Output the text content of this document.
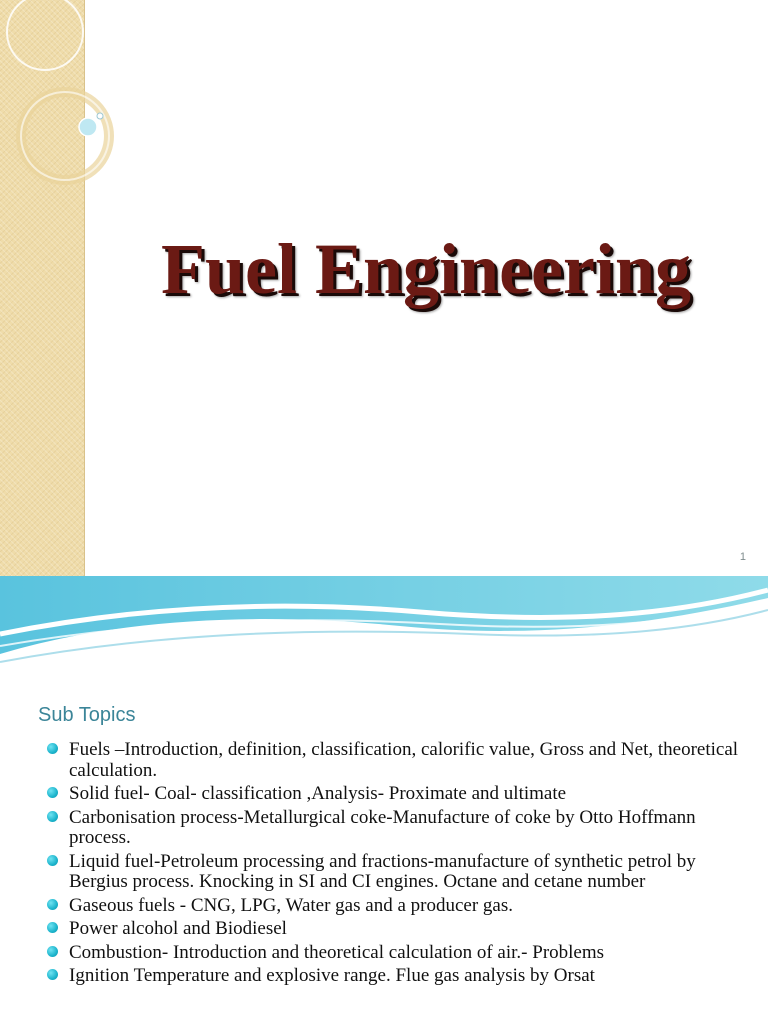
Fuel Engineering
1
Sub Topics
Fuels –Introduction, definition, classification, calorific value, Gross and Net, theoretical calculation.
Solid fuel- Coal- classification ,Analysis- Proximate and ultimate
Carbonisation process-Metallurgical coke-Manufacture of coke by Otto Hoffmann process.
Liquid fuel-Petroleum processing and fractions-manufacture of synthetic petrol by Bergius process. Knocking in SI and CI engines. Octane and cetane number
Gaseous fuels - CNG, LPG, Water gas and a producer gas.
Power alcohol and Biodiesel
Combustion- Introduction and theoretical calculation of air.- Problems
Ignition Temperature and explosive range. Flue gas analysis by Orsat
